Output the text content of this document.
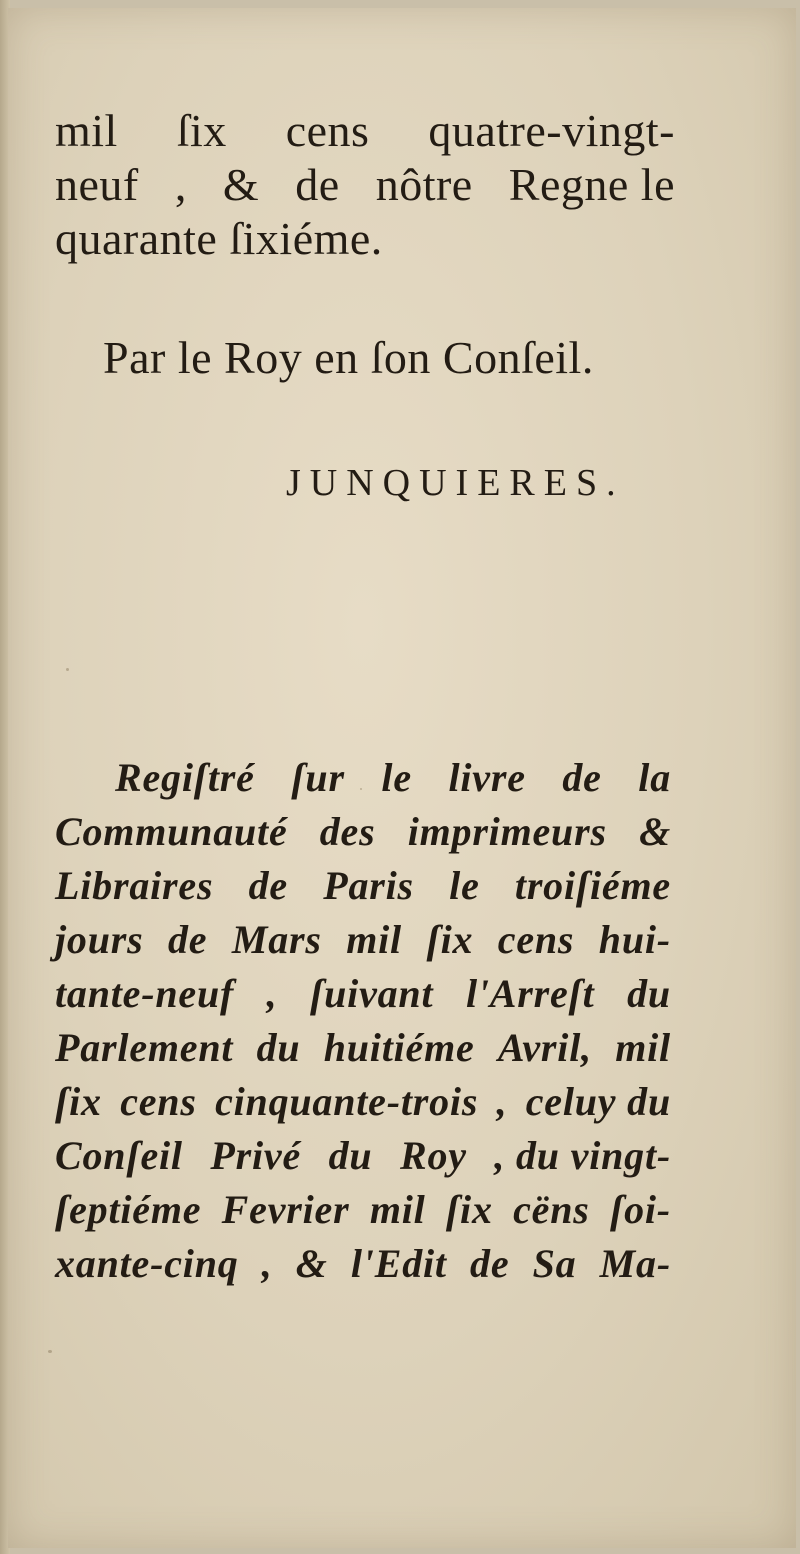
mil ſix cens quatre-vingt-
neuf , & de nôtre Regne le
quarante ſixiéme.
Par le Roy en ſon Conſeil.
JUNQUIERES.
Regiſtré ſur le livre de la
Communauté des imprimeurs &
Libraires de Paris le troiſiéme
jours de Mars mil ſix cens hui-
tante-neuf , ſuivant l'Arreſt du
Parlement du huitiéme Avril, mil
ſix cens cinquante-trois , celuy du
Conſeil Privé du Roy , du vingt-
ſeptiéme Fevrier mil ſix cëns ſoi-
xante-cinq , & l'Edit de Sa Ma-
